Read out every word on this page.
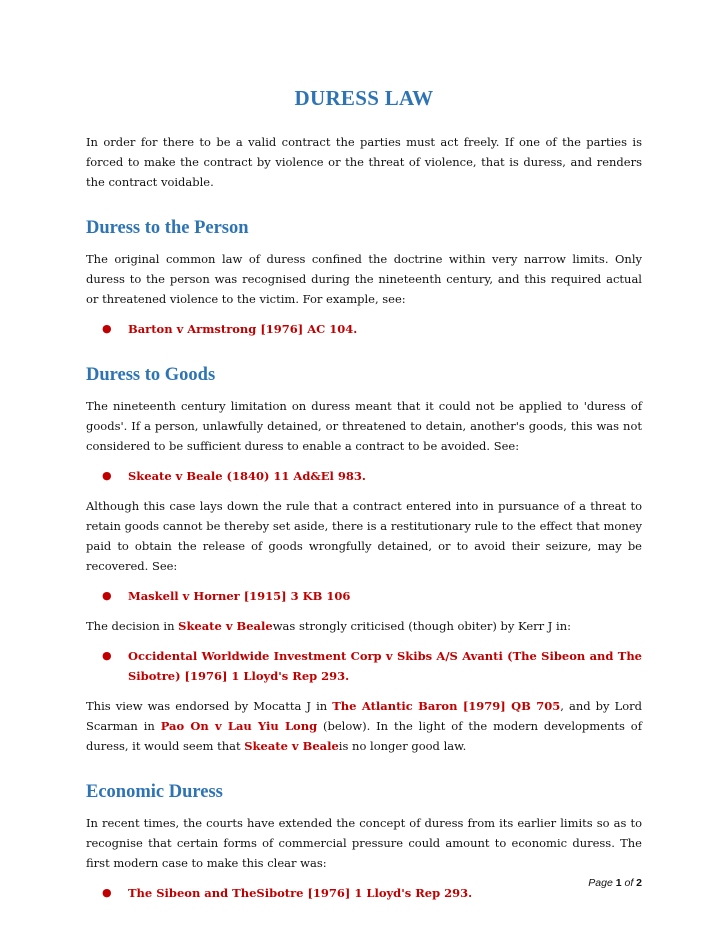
DURESS LAW

In order for there to be a valid contract the parties must act freely. If one of the parties is forced to make the contract by violence or the threat of violence, that is duress, and renders the contract voidable.

Duress to the Person

The original common law of duress confined the doctrine within very narrow limits. Only duress to the person was recognised during the nineteenth century, and this required actual or threatened violence to the victim. For example, see:

● Barton v Armstrong [1976] AC 104.
Duress to Goods

The nineteenth century limitation on duress meant that it could not be applied to 'duress of goods'. If a person, unlawfully detained, or threatened to detain, another's goods, this was not considered to be sufficient duress to enable a contract to be avoided. See:

● Skeate v Beale (1840) 11 Ad&El 983.

Although this case lays down the rule that a contract entered into in pursuance of a threat to retain goods cannot be thereby set aside, there is a restitutionary rule to the effect that money paid to obtain the release of goods wrongfully detained, or to avoid their seizure, may be recovered. See:

● Maskell v Horner [1915] 3 KB 106

The decision in Skeate v Bealewas strongly criticised (though obiter) by Kerr J in:

● Occidental Worldwide Investment Corp v Skibs A/S Avanti (The Sibeon and The Sibotre) [1976] 1 Lloyd's Rep 293.

This view was endorsed by Mocatta J in The Atlantic Baron [1979] QB 705, and by Lord Scarman in Pao On v Lau Yiu Long (below). In the light of the modern developments of duress, it would seem that Skeate v Bealeis no longer good law.

Economic Duress

In recent times, the courts have extended the concept of duress from its earlier limits so as to recognise that certain forms of commercial pressure could amount to economic duress. The first modern case to make this clear was:

● The Sibeon and TheSibotre [1976] 1 Lloyd's Rep 293.
Page 1 of 2
